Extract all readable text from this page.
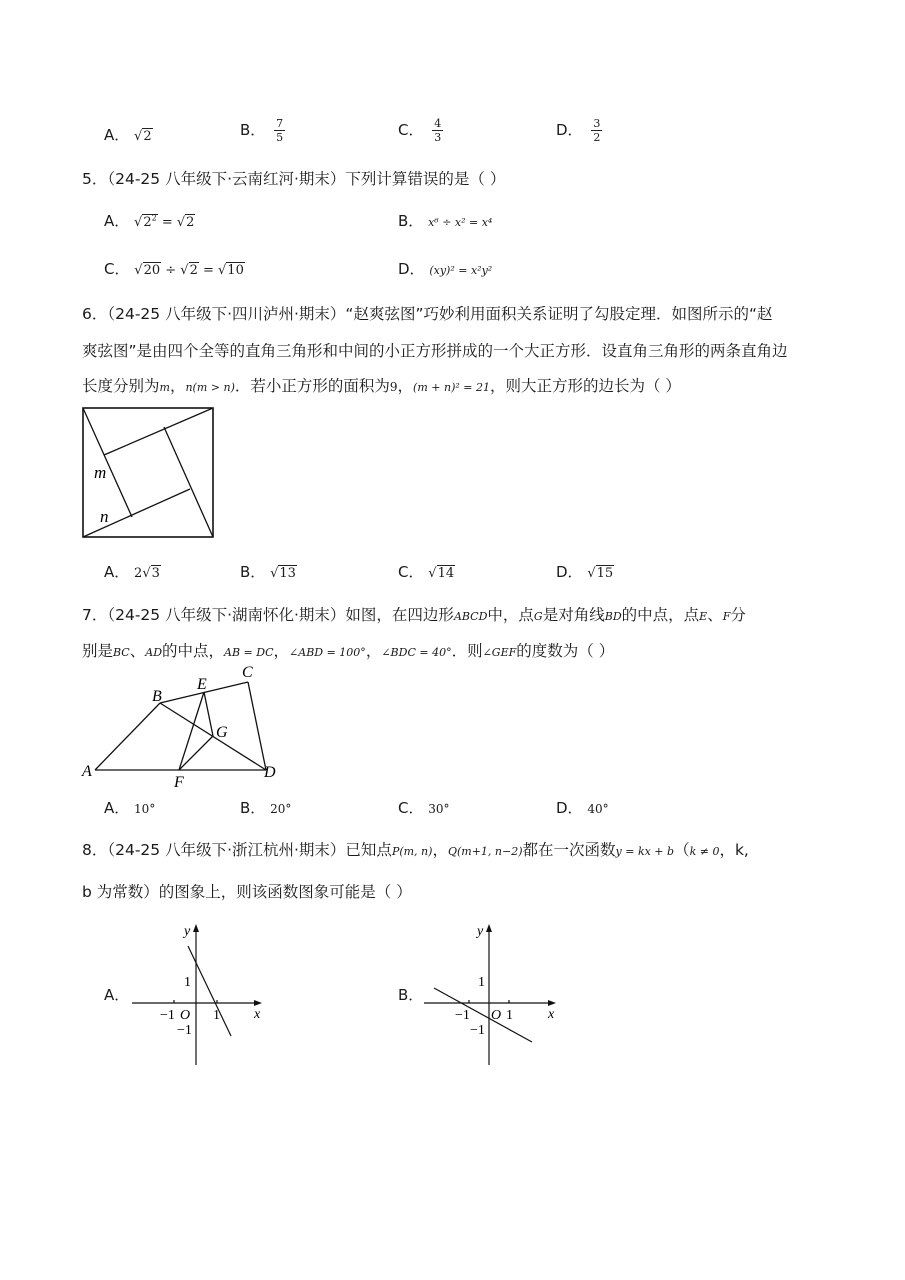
A． √2	B． $\frac{7}{5}$	C． $\frac{4}{3}$	D． $\frac{3}{2}$
5．（24-25 八年级下·云南红河·期末）下列计算错误的是（ ）
A． $√2^2 = √2$	B． x⁶ ÷ x² = x⁴
C． √20 ÷ √2 = √10	D． (xy)² = x²y²
6．（24-25 八年级下·四川泸州·期末）“赵爽弦图”巧妙利用面积关系证明了勾股定理．如图所示的“赵
爽弦图”是由四个全等的直角三角形和中间的小正方形拼成的一个大正方形．设直角三角形的两条直角边
长度分别为m，n(m > n)．若小正方形的面积为9，(m + n)² = 21，则大正方形的边长为（ ）
m
n
A． 2√3	B． √13	C． √14	D． √15
7．（24-25 八年级下·湖南怀化·期末）如图，在四边形ABCD中，点G是对角线BD的中点，点E、F分
别是BC、AD的中点，AB = DC，∠ABD = 100°，∠BDC = 40°．则∠GEF的度数为（ ）
A
B
C
D
E
F
G
A． 10°	B． 20°	C． 30°	D． 40°
8．（24-25 八年级下·浙江杭州·期末）已知点P(m, n)，Q(m+1, n−2)都在一次函数y = kx + b（k ≠ 0，k,
b 为常数）的图象上，则该函数图象可能是（ ）
A．
y
x
O
1
1
−1
−1
B．
y
x
O
1
1
−1
−1
